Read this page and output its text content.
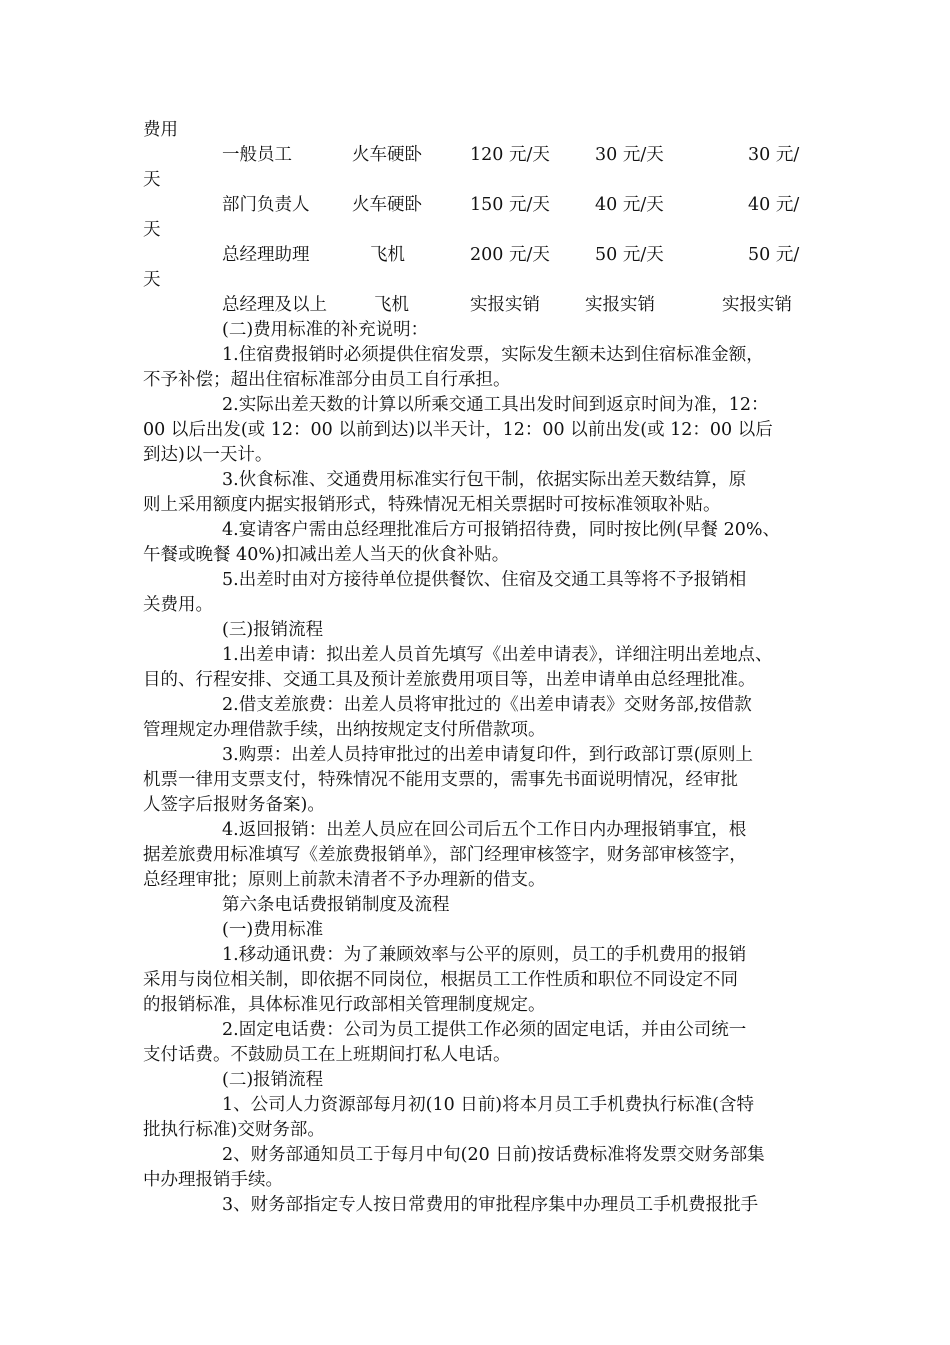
费用
一般员工	火车硬卧	120 元/天	30 元/天	30 元/
天
部门负责人 火车硬卧	150 元/天	40 元/天	40 元/
天
总经理助理	飞机	200 元/天	50 元/天	50 元/
天
总经理及以上	飞机	实报实销	实报实销	实报实销
(二)费用标准的补充说明：
1.住宿费报销时必须提供住宿发票，实际发生额未达到住宿标准金额，
不予补偿；超出住宿标准部分由员工自行承担。
2.实际出差天数的计算以所乘交通工具出发时间到返京时间为准，12：
00 以后出发(或 12：00 以前到达)以半天计，12：00 以前出发(或 12：00 以后
到达)以一天计。
3.伙食标准、交通费用标准实行包干制，依据实际出差天数结算，原
则上采用额度内据实报销形式，特殊情况无相关票据时可按标准领取补贴。
4.宴请客户需由总经理批准后方可报销招待费，同时按比例(早餐 20%、
午餐或晚餐 40%)扣减出差人当天的伙食补贴。
5.出差时由对方接待单位提供餐饮、住宿及交通工具等将不予报销相
关费用。
(三)报销流程
1.出差申请：拟出差人员首先填写《出差申请表》，详细注明出差地点、
目的、行程安排、交通工具及预计差旅费用项目等，出差申请单由总经理批准。
2.借支差旅费：出差人员将审批过的《出差申请表》交财务部,按借款
管理规定办理借款手续，出纳按规定支付所借款项。
3.购票：出差人员持审批过的出差申请复印件，到行政部订票(原则上
机票一律用支票支付，特殊情况不能用支票的，需事先书面说明情况，经审批
人签字后报财务备案)。
4.返回报销：出差人员应在回公司后五个工作日内办理报销事宜，根
据差旅费用标准填写《差旅费报销单》，部门经理审核签字，财务部审核签字，
总经理审批；原则上前款未清者不予办理新的借支。
第六条电话费报销制度及流程
(一)费用标准
1.移动通讯费：为了兼顾效率与公平的原则，员工的手机费用的报销
采用与岗位相关制，即依据不同岗位，根据员工工作性质和职位不同设定不同
的报销标准，具体标准见行政部相关管理制度规定。
2.固定电话费：公司为员工提供工作必须的固定电话，并由公司统一
支付话费。不鼓励员工在上班期间打私人电话。
(二)报销流程
1、公司人力资源部每月初(10 日前)将本月员工手机费执行标准(含特
批执行标准)交财务部。
2、财务部通知员工于每月中旬(20 日前)按话费标准将发票交财务部集
中办理报销手续。
3、财务部指定专人按日常费用的审批程序集中办理员工手机费报批手
